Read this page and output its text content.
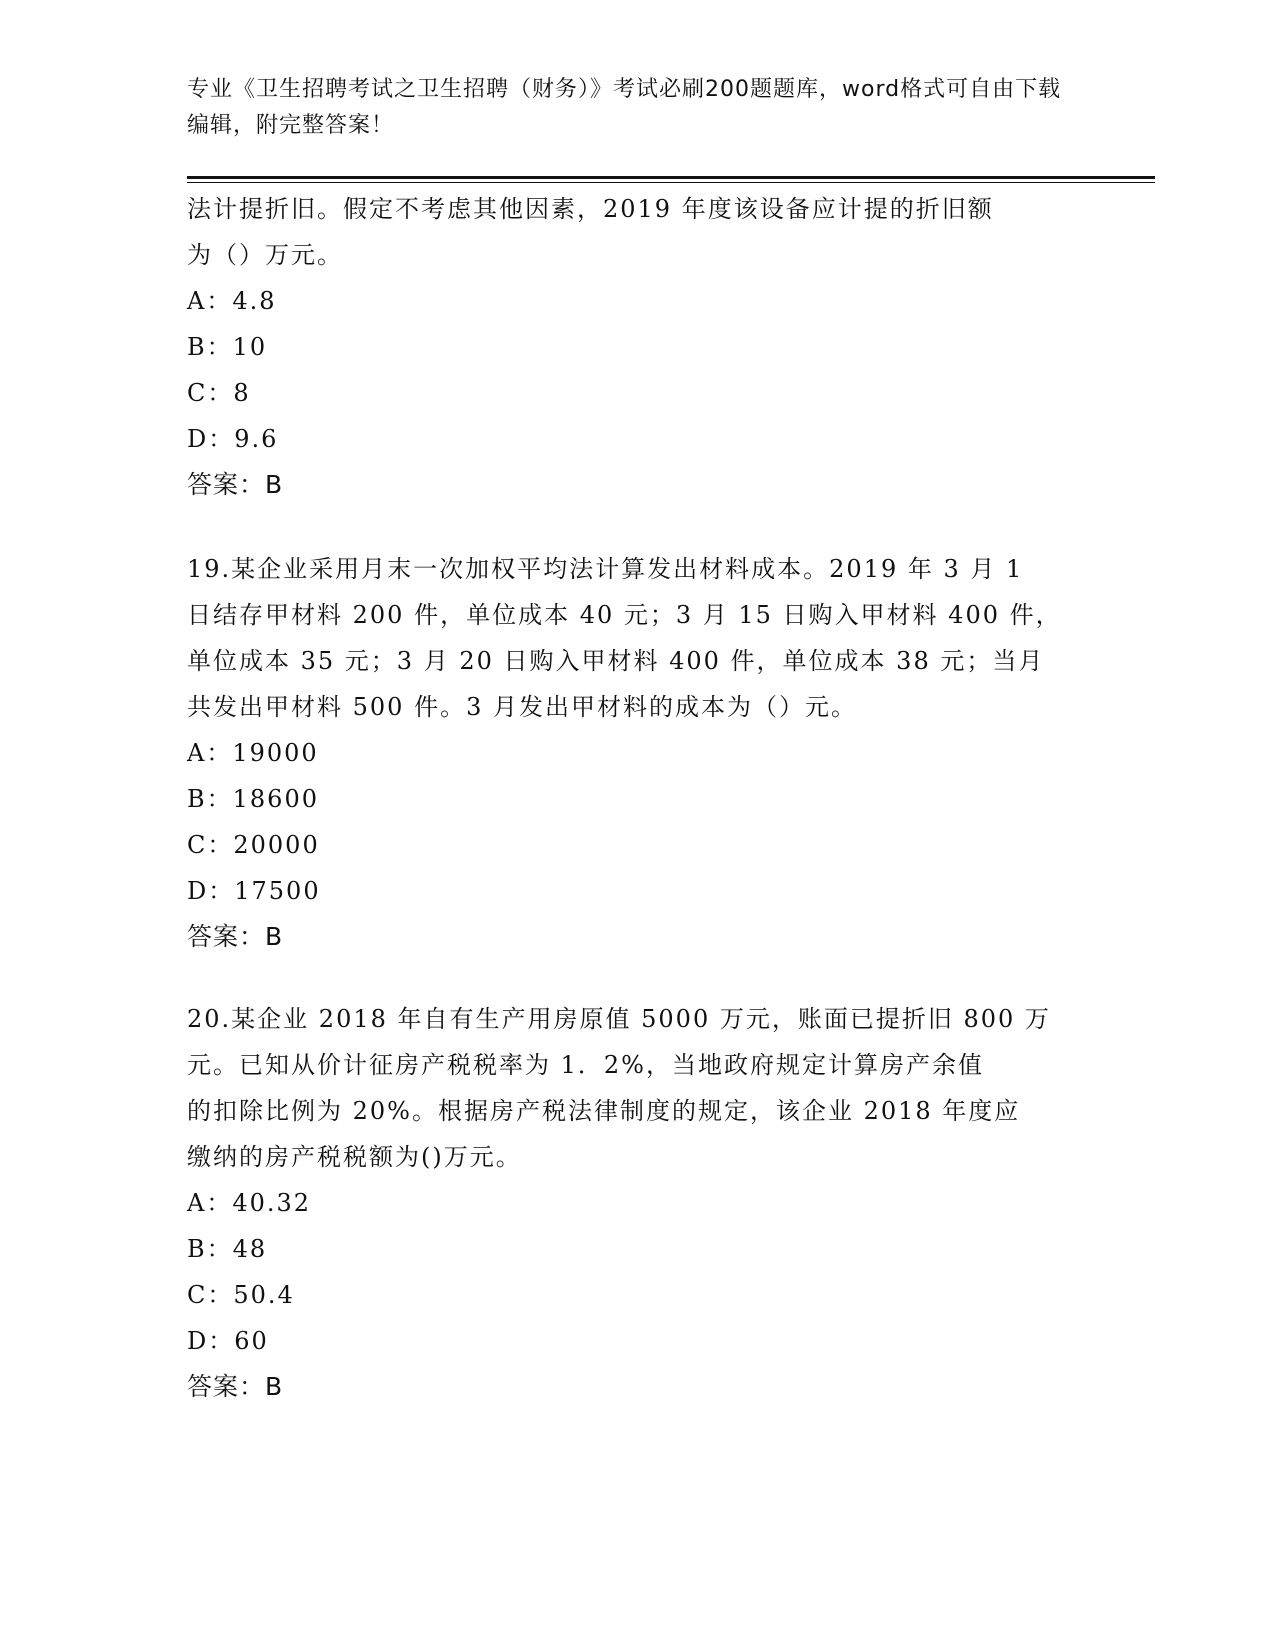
专业《卫生招聘考试之卫生招聘（财务）》考试必刷200题题库，word格式可自由下载编辑，附完整答案！
法计提折旧。假定不考虑其他因素，2019 年度该设备应计提的折旧额
为（）万元。
A：4.8
B：10
C：8
D：9.6
答案：B
19.某企业采用月末一次加权平均法计算发出材料成本。2019 年 3 月 1
日结存甲材料 200 件，单位成本 40 元；3 月 15 日购入甲材料 400 件，
单位成本 35 元；3 月 20 日购入甲材料 400 件，单位成本 38 元；当月
共发出甲材料 500 件。3 月发出甲材料的成本为（）元。
A：19000
B：18600
C：20000
D：17500
答案：B
20.某企业 2018 年自有生产用房原值 5000 万元，账面已提折旧 800 万
元。已知从价计征房产税税率为 1．2%，当地政府规定计算房产余值
的扣除比例为 20%。根据房产税法律制度的规定，该企业 2018 年度应
缴纳的房产税税额为()万元。
A：40.32
B：48
C：50.4
D：60
答案：B
